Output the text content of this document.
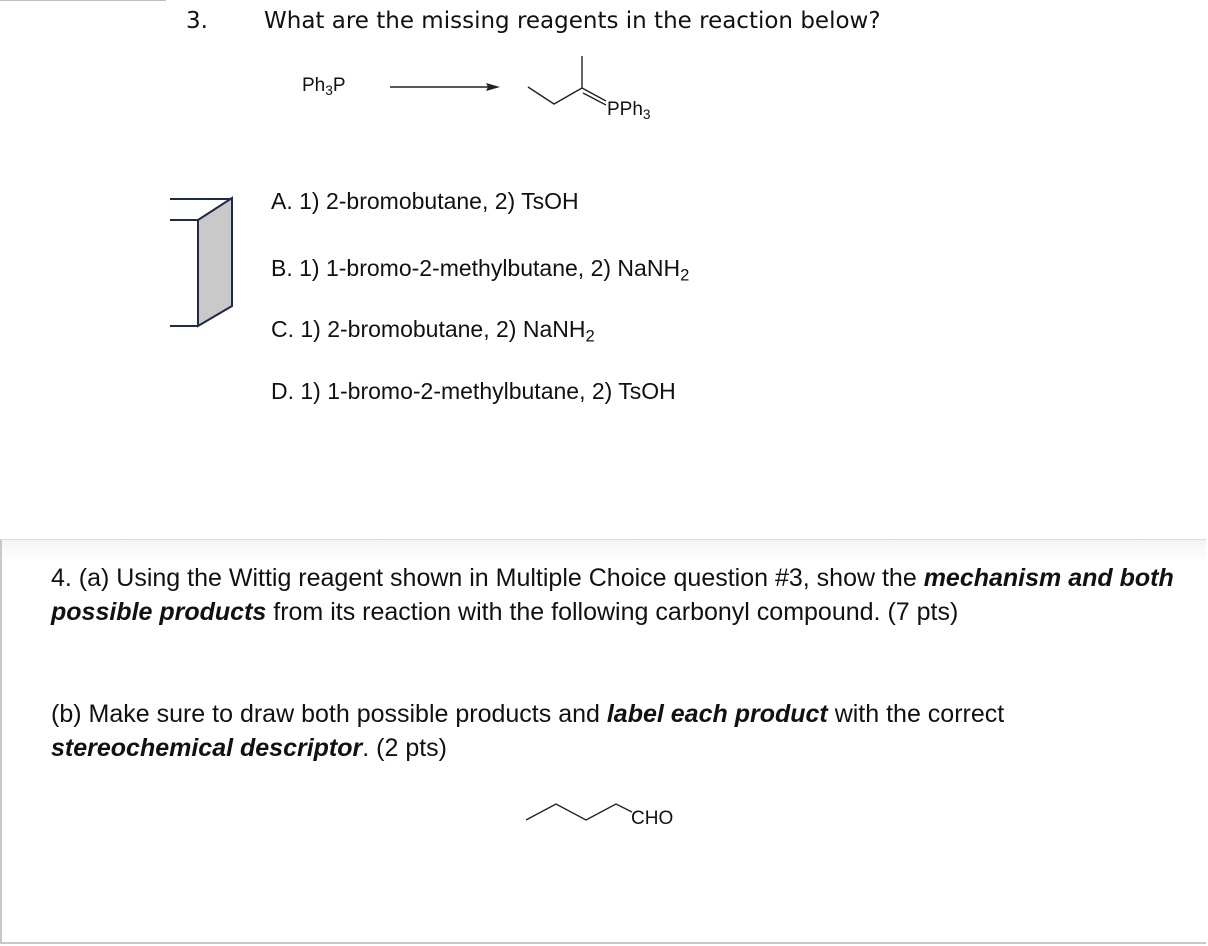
3. What are the missing reagents in the reaction below?
$Ph_3P$
PPh$_3$
A. 1) 2-bromobutane, 2) TsOH
B. 1) 1-bromo-2-methylbutane, 2) NaNH$_2$
C. 1) 2-bromobutane, 2) NaNH$_2$
D. 1) 1-bromo-2-methylbutane, 2) TsOH
4. (a) Using the Wittig reagent shown in Multiple Choice question #3, show the mechanism and both possible products from its reaction with the following carbonyl compound. (7 pts)
(b) Make sure to draw both possible products and label each product with the correct stereochemical descriptor. (2 pts)
CHO
